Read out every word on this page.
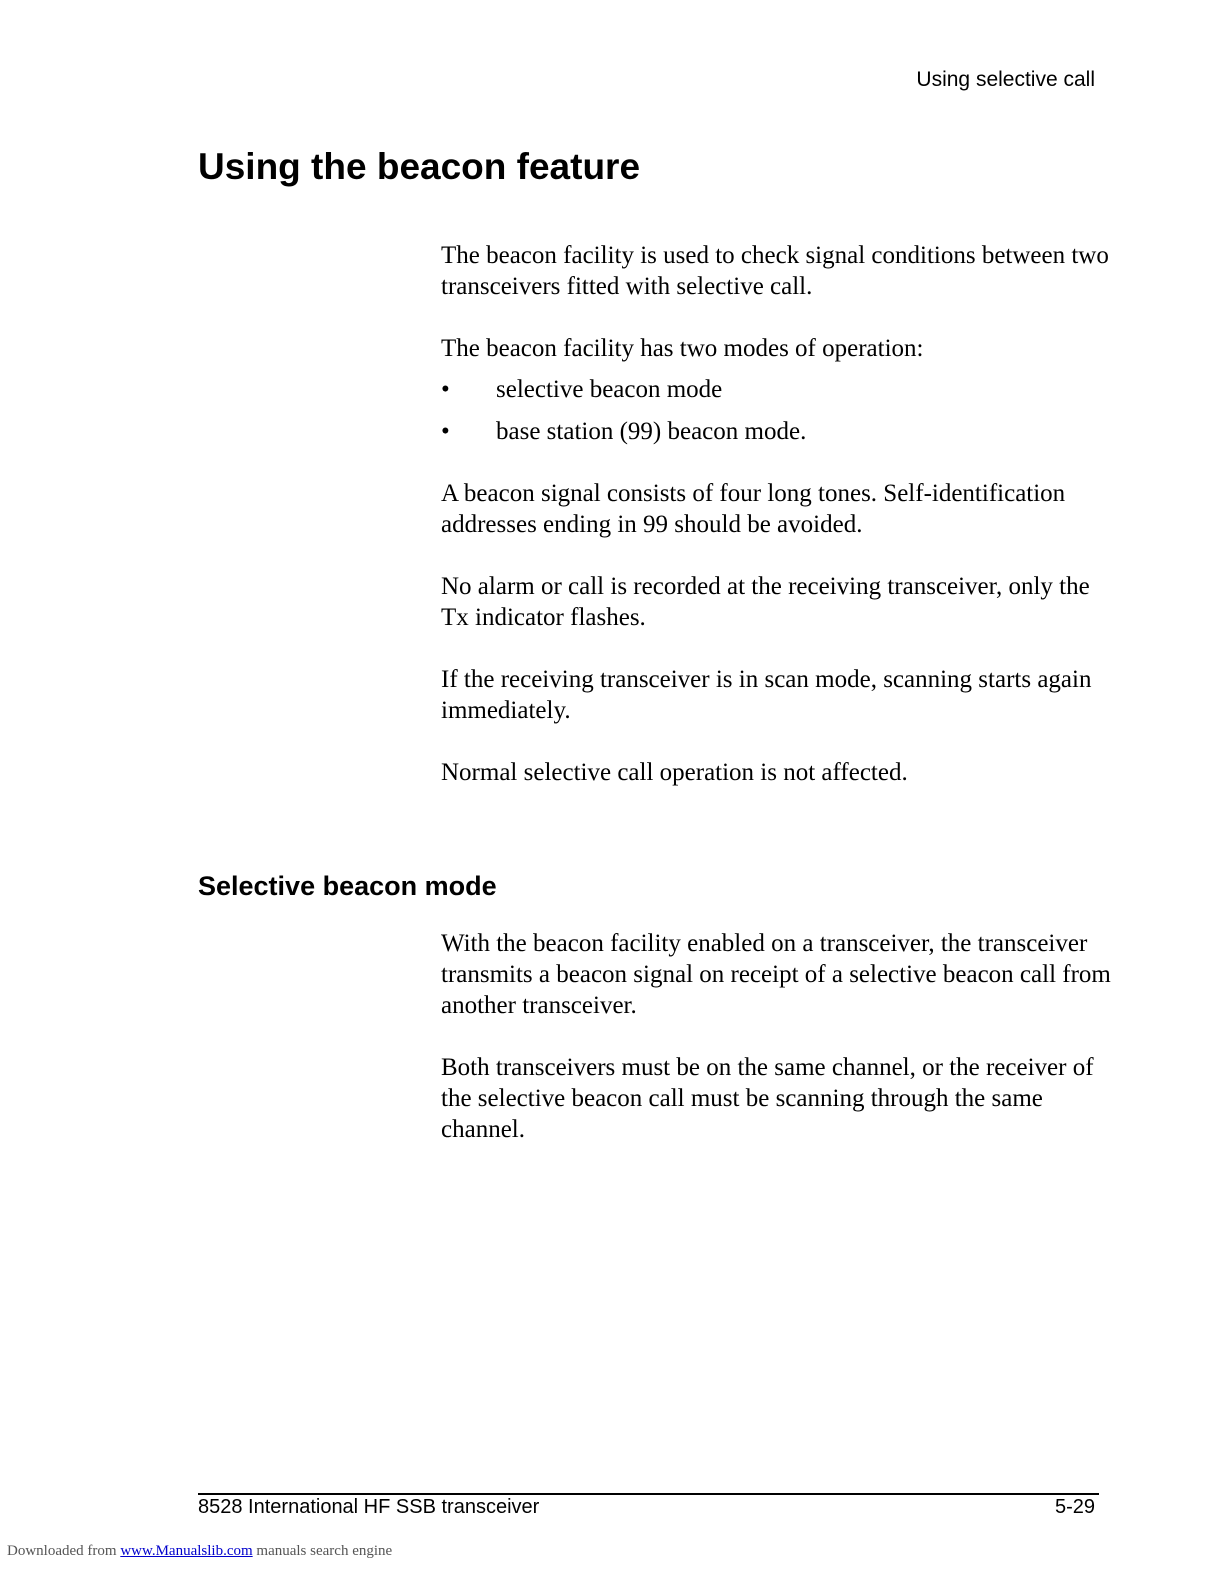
Using selective call
Using the beacon feature

The beacon facility is used to check signal conditions between two transceivers fitted with selective call.

The beacon facility has two modes of operation:

• selective beacon mode
• base station (99) beacon mode.

A beacon signal consists of four long tones. Self-identification addresses ending in 99 should be avoided.

No alarm or call is recorded at the receiving transceiver, only the Tx indicator flashes.

If the receiving transceiver is in scan mode, scanning starts again immediately.

Normal selective call operation is not affected.

Selective beacon mode

With the beacon facility enabled on a transceiver, the transceiver transmits a beacon signal on receipt of a selective beacon call from another transceiver.

Both transceivers must be on the same channel, or the receiver of the selective beacon call must be scanning through the same channel.

8528 International HF SSB transceiver	5-29
Downloaded from www.Manualslib.com manuals search engine
